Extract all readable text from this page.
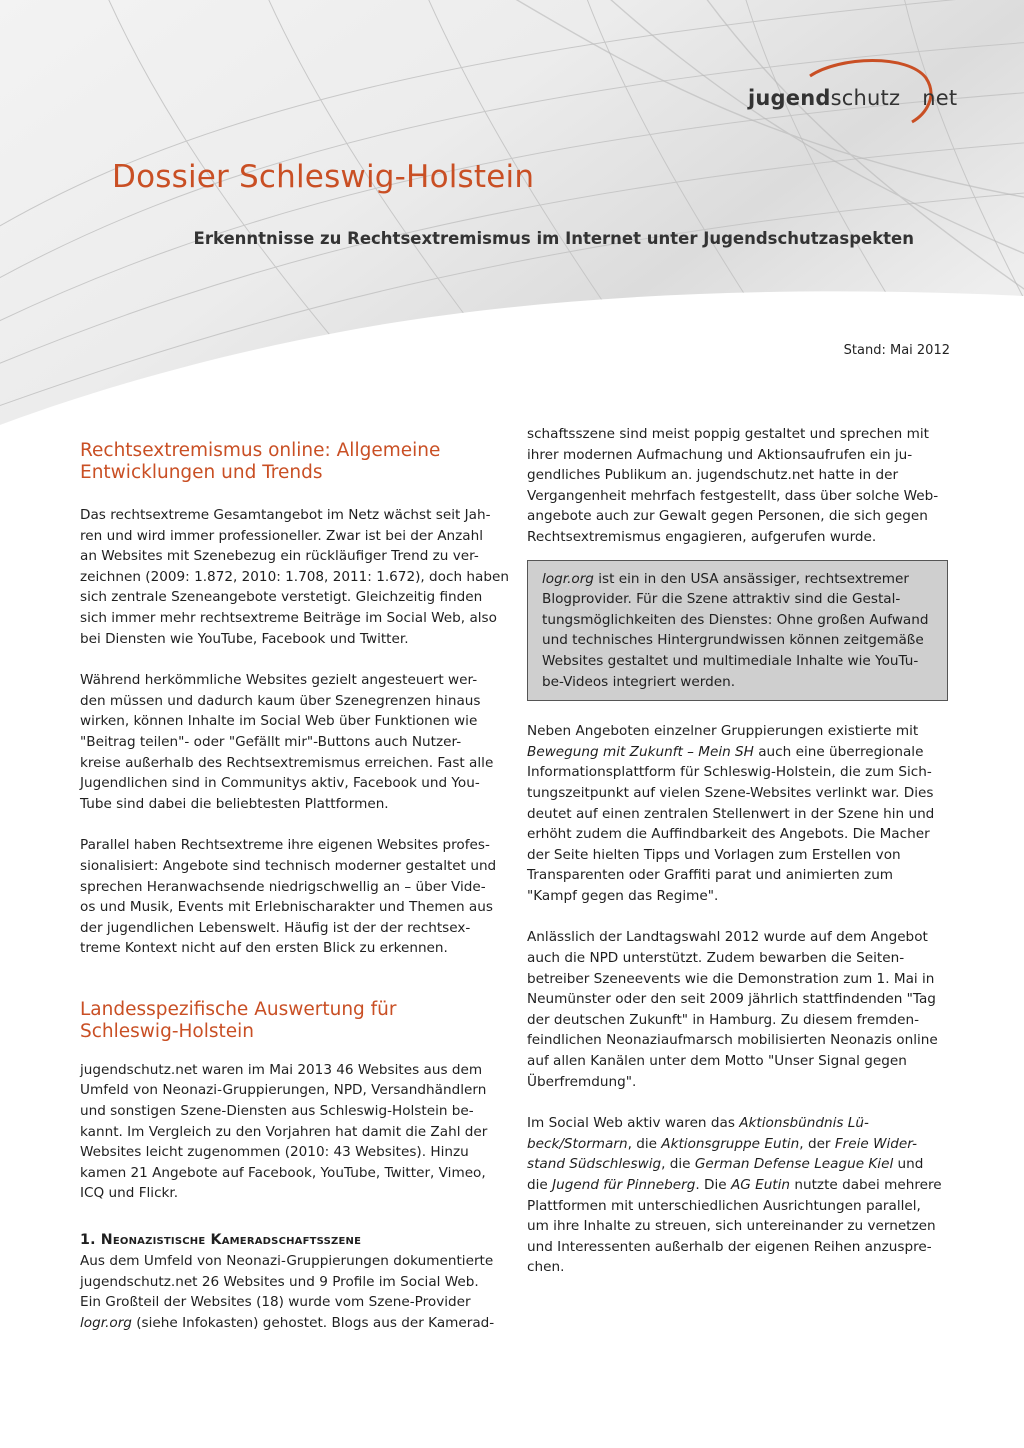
jugendschutz net
Dossier Schleswig-Holstein
Erkenntnisse zu Rechtsextremismus im Internet unter Jugendschutzaspekten
Stand: Mai 2012
Rechtsextremismus online: Allgemeine
Entwicklungen und Trends

Das rechtsextreme Gesamtangebot im Netz wächst seit Jah-
ren und wird immer professioneller. Zwar ist bei der Anzahl
an Websites mit Szenebezug ein rückläufiger Trend zu ver-
zeichnen (2009: 1.872, 2010: 1.708, 2011: 1.672), doch haben
sich zentrale Szeneangebote verstetigt. Gleichzeitig finden
sich immer mehr rechtsextreme Beiträge im Social Web, also
bei Diensten wie YouTube, Facebook und Twitter.

Während herkömmliche Websites gezielt angesteuert wer-
den müssen und dadurch kaum über Szenegrenzen hinaus
wirken, können Inhalte im Social Web über Funktionen wie
"Beitrag teilen"- oder "Gefällt mir"-Buttons auch Nutzer-
kreise außerhalb des Rechtsextremismus erreichen. Fast alle
Jugendlichen sind in Communitys aktiv, Facebook und You-
Tube sind dabei die beliebtesten Plattformen.

Parallel haben Rechtsextreme ihre eigenen Websites profes-
sionalisiert: Angebote sind technisch moderner gestaltet und
sprechen Heranwachsende niedrigschwellig an – über Vide-
os und Musik, Events mit Erlebnischarakter und Themen aus
der jugendlichen Lebenswelt. Häufig ist der der rechtsex-
treme Kontext nicht auf den ersten Blick zu erkennen.

Landesspezifische Auswertung für
Schleswig-Holstein

jugendschutz.net waren im Mai 2013 46 Websites aus dem
Umfeld von Neonazi-Gruppierungen, NPD, Versandhändlern
und sonstigen Szene-Diensten aus Schleswig-Holstein be-
kannt. Im Vergleich zu den Vorjahren hat damit die Zahl der
Websites leicht zugenommen (2010: 43 Websites). Hinzu
kamen 21 Angebote auf Facebook, YouTube, Twitter, Vimeo,
ICQ und Flickr.

1. Neonazistische Kameradschaftsszene

Aus dem Umfeld von Neonazi-Gruppierungen dokumentierte
jugendschutz.net 26 Websites und 9 Profile im Social Web.
Ein Großteil der Websites (18) wurde vom Szene-Provider
logr.org (siehe Infokasten) gehostet. Blogs aus der Kamerad-

schaftsszene sind meist poppig gestaltet und sprechen mit
ihrer modernen Aufmachung und Aktionsaufrufen ein ju-
gendliches Publikum an. jugendschutz.net hatte in der
Vergangenheit mehrfach festgestellt, dass über solche Web-
angebote auch zur Gewalt gegen Personen, die sich gegen
Rechtsextremismus engagieren, aufgerufen wurde.

logr.org ist ein in den USA ansässiger, rechtsextremer
Blogprovider. Für die Szene attraktiv sind die Gestal-
tungsmöglichkeiten des Dienstes: Ohne großen Aufwand
und technisches Hintergrundwissen können zeitgemäße
Websites gestaltet und multimediale Inhalte wie YouTu-
be-Videos integriert werden.

Neben Angeboten einzelner Gruppierungen existierte mit
Bewegung mit Zukunft – Mein SH auch eine überregionale
Informationsplattform für Schleswig-Holstein, die zum Sich-
tungszeitpunkt auf vielen Szene-Websites verlinkt war. Dies
deutet auf einen zentralen Stellenwert in der Szene hin und
erhöht zudem die Auffindbarkeit des Angebots. Die Macher
der Seite hielten Tipps und Vorlagen zum Erstellen von
Transparenten oder Graffiti parat und animierten zum
"Kampf gegen das Regime".

Anlässlich der Landtagswahl 2012 wurde auf dem Angebot
auch die NPD unterstützt. Zudem bewarben die Seiten-
betreiber Szeneevents wie die Demonstration zum 1. Mai in
Neumünster oder den seit 2009 jährlich stattfindenden "Tag
der deutschen Zukunft" in Hamburg. Zu diesem fremden-
feindlichen Neonaziaufmarsch mobilisierten Neonazis online
auf allen Kanälen unter dem Motto "Unser Signal gegen
Überfremdung".

Im Social Web aktiv waren das Aktionsbündnis Lü-
beck/Stormarn, die Aktionsgruppe Eutin, der Freie Wider-
stand Südschleswig, die German Defense League Kiel und
die Jugend für Pinneberg. Die AG Eutin nutzte dabei mehrere
Plattformen mit unterschiedlichen Ausrichtungen parallel,
um ihre Inhalte zu streuen, sich untereinander zu vernetzen
und Interessenten außerhalb der eigenen Reihen anzuspre-
chen.
